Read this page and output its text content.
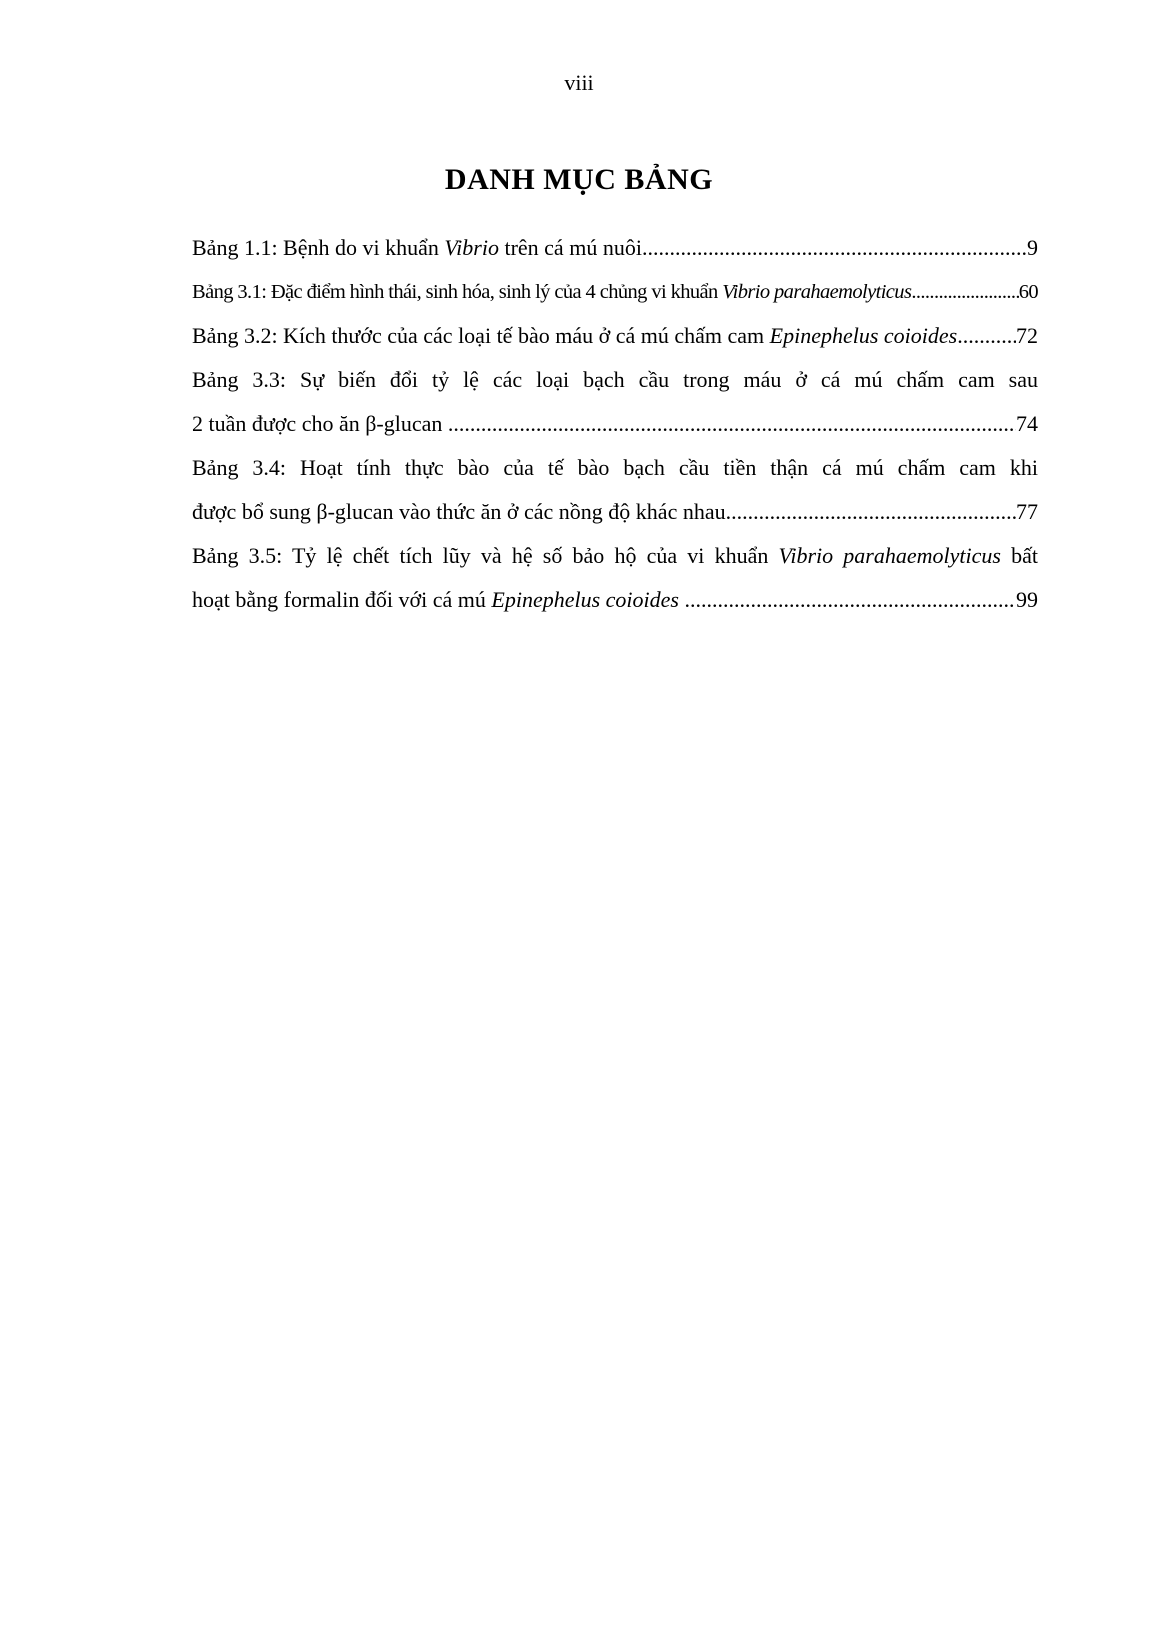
viii
DANH MỤC BẢNG
Bảng 1.1: Bệnh do vi khuẩn Vibrio trên cá mú nuôi .....	9
Bảng 3.1: Đặc điểm hình thái, sinh hóa, sinh lý của 4 chủng vi khuẩn Vibrio parahaemolyticus .....	60
Bảng 3.2: Kích thước của các loại tế bào máu ở cá mú chấm cam Epinephelus coioides .....	72
Bảng 3.3: Sự biến đổi tỷ lệ các loại bạch cầu trong máu ở cá mú chấm cam sau
2 tuần được cho ăn β-glucan .....	74
Bảng 3.4: Hoạt tính thực bào của tế bào bạch cầu tiền thận cá mú chấm cam khi
được bổ sung β-glucan vào thức ăn ở các nồng độ khác nhau .....	77
Bảng 3.5: Tỷ lệ chết tích lũy và hệ số bảo hộ của vi khuẩn Vibrio parahaemolyticus bất
hoạt bằng formalin đối với cá mú Epinephelus coioides
.....	99
